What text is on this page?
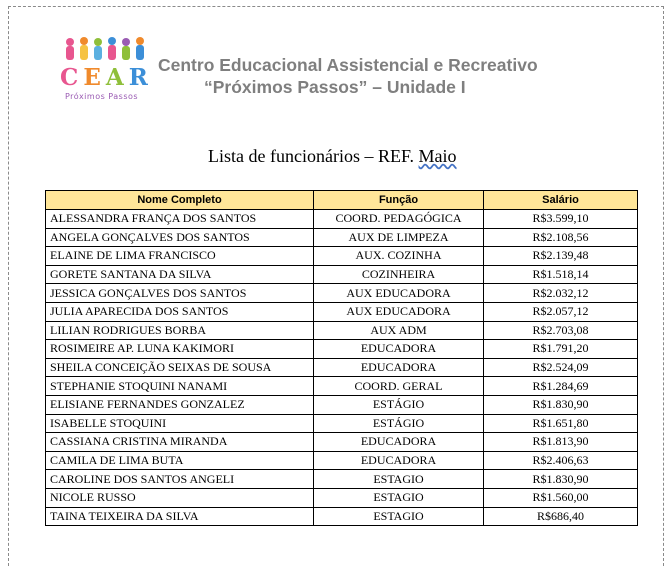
CEAR
Próximos Passos
Centro Educacional Assistencial e Recreativo
“Próximos Passos” – Unidade I
Lista de funcionários – REF. Maio
Nome Completo	Função	Salário
ALESSANDRA FRANÇA DOS SANTOS	COORD. PEDAGÓGICA	R$3.599,10
ANGELA GONÇALVES DOS SANTOS	AUX DE LIMPEZA	R$2.108,56
ELAINE DE LIMA FRANCISCO	AUX. COZINHA	R$2.139,48
GORETE SANTANA DA SILVA	COZINHEIRA	R$1.518,14
JESSICA GONÇALVES DOS SANTOS	AUX EDUCADORA	R$2.032,12
JULIA APARECIDA DOS SANTOS	AUX EDUCADORA	R$2.057,12
LILIAN RODRIGUES BORBA	AUX ADM	R$2.703,08
ROSIMEIRE AP. LUNA KAKIMORI	EDUCADORA	R$1.791,20
SHEILA CONCEIÇÃO SEIXAS DE SOUSA	EDUCADORA	R$2.524,09
STEPHANIE STOQUINI NANAMI	COORD. GERAL	R$1.284,69
ELISIANE FERNANDES GONZALEZ	ESTÁGIO	R$1.830,90
ISABELLE STOQUINI	ESTÁGIO	R$1.651,80
CASSIANA CRISTINA MIRANDA	EDUCADORA	R$1.813,90
CAMILA DE LIMA BUTA	EDUCADORA	R$2.406,63
CAROLINE DOS SANTOS ANGELI	ESTAGIO	R$1.830,90
NICOLE RUSSO	ESTAGIO	R$1.560,00
TAINA TEIXEIRA DA SILVA	ESTAGIO	R$686,40
